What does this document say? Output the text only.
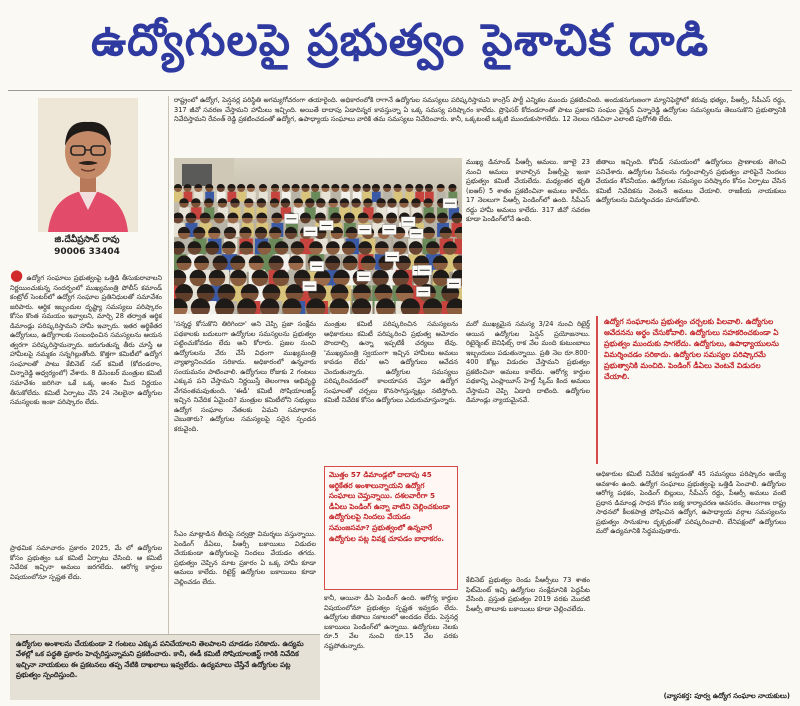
ఉద్యోగులపై ప్రభుత్వం పైశాచిక దాడి
జి.దేవీప్రసాద్ రావు
90006 33404

రాష్ట్రంలో ఉద్యోగ, పెన్షనర్ల పరిస్థితి అగమ్యగోచరంగా తయారైంది. అధికారంలోకి రాగానే ఉద్యోగుల సమస్యలు పరిష్కరిస్తామని కాంగ్రెస్ పార్టీ ఎన్నికల ముందు ప్రకటించింది. అందుకనుగుణంగా మ్యానిఫెస్టోలో కరువు భత్యం, పీఆర్సీ, సీపీఎస్ రద్దు, 317 జీవో సవరణ చేస్తామని హామీలు ఇచ్చింది. అయితే దాదాపు ఏడాదిన్నర కావస్తున్నా ఏ ఒక్క సమస్య పరిష్కారం కాలేదు. ప్రొఫెసర్ కోదండరాంతో పాటు ప్రజాకవి సంఘం చైర్మన్ చిన్నారెడ్డి ఉద్యోగుల సమస్యలను తెలుసుకొని ప్రభుత్వానికి నివేదిస్తామని రేవంత్ రెడ్డి ప్రకటించడంతో ఉద్యోగ, ఉపాధ్యాయ సంఘాలు వారికి తమ సమస్యలు నివేదించారు. కానీ, ఒక్కటంటే ఒక్కటి ముందుకుసాగలేదు. 12 నెలలు గడిచినా ఎలాంటి పురోగతి లేదు.

● ఉద్యోగ సంఘాలు ప్రభుత్వంపై ఒత్తిడి తీసుకురావాలని నిర్ణయించుకున్న సందర్భంలో ముఖ్యమంత్రి పోలీస్ కమాండ్ కంట్రోల్ సెంటర్‌లో ఉద్యోగ సంఘాల ప్రతినిధులతో సమావేశం జరిపారు. ఆర్థిక ఇబ్బందుల దృష్ట్యా సమస్యలు పరిష్కారం కోసం కొంత సమయం ఇవ్వాలని, మార్చి 28 తర్వాత ఆర్థిక డిమాండ్లు పరిష్కరిస్తామని హామీ ఇచ్చారు. ఇతర ఆర్థికేతర ఉద్యోగులు, ఉద్యోగాలకు సంబంధించిన సమస్యలను ఆయన త్వరగా పరిష్కరిస్తామన్నారు. జరుగుతున్న తీరు చూస్తే ఆ హామీలపై నమ్మకం సన్నగిల్లుతోంది. కొత్తగా కమిటీలో ఉద్యోగ సంఘాలతో పాటు కేబినెట్ సబ్ కమిటీ (కోదండరాం, చిన్నారెడ్డి ఆధ్వర్యంలో) వేశారు. 8 డిసెంబర్ మంత్రుల కమిటీ సమావేశం జరిగినా ఒకే ఒక్క అంశం మీద నిర్ణయం తీసుకోలేదు. కమిటీ ఏర్పాటు చేసి 24 నెలలైనా ఉద్యోగుల సమస్యలకు ఇంకా పరిష్కారం లేదు.

ప్రాథమిక సమాచారం ప్రకారం 2025, మే లో ఉద్యోగుల కోసం ప్రభుత్వం ఒక కమిటీ ఏర్పాటు చేసింది. ఆ కమిటీ నివేదిక ఇచ్చినా అమలు జరగలేదు. ఆరోగ్య కార్డుల విషయంలోనూ స్పష్టత లేదు.

ఉద్యోగుల అంశాలను చేయకుండా 2 గంటలు ఎక్కువ పనిచేయాలని తెలపాలని చూడడం సరికాదు. ఉద్యమ వేళల్లో ఒక పద్ధతి ప్రకారం హెచ్చరిస్తున్నామని ప్రకటించారు. కానీ, ఈడీ కమిటీ సోషియాలజిస్ట్ గారికి నివేదిక ఇచ్చినా నాయకులు ఈ ప్రకటనలు తప్ప నేటికి దాఖలాలు ఇవ్వలేదు. ఉద్యమాలు చేస్తేనే ఉద్యోగుల పట్ల ప్రభుత్వం స్పందిస్తుంది.

'సన్నద్ధ కోసుకొని తిరిగిందా' అని చెప్పి ప్రజా సంక్షేమ పథకాలకు బదులుగా ఉద్యోగుల సమస్యలను ప్రభుత్వం పట్టించుకోవడం లేదు అని కోరారు. ప్రజల నుంచి ఉద్యోగులను వేరు చేసే విధంగా ముఖ్యమంత్రి వ్యాఖ్యానించడం సరికాదు. అధికారంలో ఉన్నవారు సంయమనం పాటించాలి. ఉద్యోగులు రోజుకు 2 గంటలు ఎక్కువ పని చేస్తామని నిర్ణయిస్తే తెలంగాణ అభివృద్ధి వేగవంతమవుతుంది. 'ఈడీ' కమిటీ సోషియాలజిస్ట్ ఇచ్చిన నివేదిక ఏమైంది? మంత్రుల కమిటీలోని సభ్యులు ఉద్యోగ సంఘాల నేతలకు ఏమని సమాధానం చెబుతారు? ఉద్యోగుల సమస్యలపై సరైన స్పందన కరువైంది.

సీఎం మాట్లాడిన తీరుపై సర్వత్రా విమర్శలు వస్తున్నాయి. పెండింగ్ డీఏలు, పీఆర్సీ బకాయిలు విడుదల చేయకుండా ఉద్యోగులపై నిందలు వేయడం తగదు. ప్రభుత్వం చెప్పిన మాట ప్రకారం ఏ ఒక్క హామీ కూడా అమలు కాలేదు. రిటైర్డ్ ఉద్యోగుల బకాయిలు కూడా చెల్లించడం లేదు.

మంత్రుల కమిటీ పరిష్కరించిన సమస్యలను అధికారులు కమిటీ పరిష్కరించి ప్రభుత్వ ఆమోదం పొందాల్సి ఉన్నా ఇప్పటికీ చర్యలు లేవు. 'ముఖ్యమంత్రి స్వయంగా ఇచ్చిన హామీలు అమలు కావడం లేదు' అని ఉద్యోగులు ఆవేదన చెందుతున్నారు. ఉద్యోగుల సమస్యలు పరిష్కరించడంలో కాలయాపన చేస్తూ ఉద్యోగ సంఘాలతో చర్చలు కొనసాగిస్తున్నట్లు నటిస్తోంది. కమిటీ నివేదిక కోసం ఉద్యోగులు ఎదురుచూస్తున్నారు.

మొత్తం 57 డిమాండ్లలో దాదాపు 45 ఆర్థికేతర అంశాలున్నాయని ఉద్యోగ సంఘాలు చెప్తున్నాయి. దశలవారీగా 5 డీఏలు పెండింగ్ ఉన్నా వాటిని చెల్లించకుండా ఉద్యోగులపై నిందలు వేయడం సమంజసమా? ప్రభుత్వంలో ఉన్నవారే ఉద్యోగుల పట్ల వివక్ష చూపడం బాధాకరం.

కానీ, అయినా డీఏ పెండింగ్ ఉంది. ఆరోగ్య కార్డుల విషయంలోనూ ప్రభుత్వం స్పష్టత ఇవ్వడం లేదు. ఉద్యోగుల జీతాలు సకాలంలో అందడం లేదు. పెన్షనర్ల బకాయిలు పెండింగ్‌లో ఉన్నాయి. ఉద్యోగులు నెలకు రూ.5 వేల నుంచి రూ.15 వేల వరకు నష్టపోతున్నారు.

ముఖ్య డిమాండ్ పీఆర్సీ అమలు. జూలై 23 నుంచి అమలు కావాల్సిన పీఆర్సీపై ఇంకా ప్రభుత్వం కమిటీ వేయలేదు. మధ్యంతర భృతి (ఐఆర్) 5 శాతం ప్రకటించినా అమలు కాలేదు. 17 నెలలుగా పీఆర్సీ పెండింగ్‌లో ఉంది. సీపీఎస్ రద్దు హామీ అమలు కాలేదు. 317 జీవో సవరణ కూడా పెండింగ్‌లోనే ఉంది.

మరో ముఖ్యమైన సమస్య 3/24 నుంచి రిటైర్డ్ అయిన ఉద్యోగుల పెన్షన్ ప్రయోజనాలు. రిటైర్మెంట్ బెనిఫిట్స్ రాక వేల మంది కుటుంబాలు ఇబ్బందులు పడుతున్నాయి. ప్రతి నెల రూ.800-400 కోట్లు విడుదల చేస్తామని ప్రభుత్వం ప్రకటించినా అమలు కాలేదు. ఆరోగ్య కార్డుల పథకాన్ని ఎంప్లాయీస్ హెల్త్ స్కీమ్ కింద అమలు చేస్తామని చెప్పి ఏడాది దాటింది. ఉద్యోగుల డిమాండ్లు న్యాయమైనవే.

కేబినెట్ ప్రభుత్వం రెండు పీఆర్సీలు 73 శాతం ఫిట్‌మెంట్ ఇచ్చి ఉద్యోగుల సంక్షేమానికి పెద్దపీట వేసింది. ప్రస్తుత ప్రభుత్వం 2019 వరకు మొదటి పీఆర్సీ తాలూకు బకాయిలు కూడా చెల్లించలేదు.

జీతాలు ఇచ్చింది. కోవిడ్ సమయంలో ఉద్యోగులు ప్రాణాలకు తెగించి పనిచేశారు. ఉద్యోగుల సేవలను గుర్తించాల్సిన ప్రభుత్వం వారిపైనే నిందలు వేయడం శోచనీయం. ఉద్యోగుల సమస్యల పరిష్కారం కోసం ఏర్పాటు చేసిన కమిటీ నివేదికను వెంటనే అమలు చేయాలి. రాజకీయ నాయకులు ఉద్యోగులను విమర్శించడం మానుకోవాలి.

ఉద్యోగ సంఘాలను ప్రభుత్వం చర్చలకు పిలవాలి. ఉద్యోగుల ఆవేదనను అర్థం చేసుకోవాలి. ఉద్యోగులు సహకరించకుండా ఏ ప్రభుత్వం ముందుకు సాగలేదు. ఉద్యోగులు, ఉపాధ్యాయులను విమర్శించడం సరికాదు. ఉద్యోగుల సమస్యల పరిష్కారమే ప్రభుత్వానికి మంచిది. పెండింగ్ డీఏలు వెంటనే విడుదల చేయాలి.

అధికారుల కమిటీ నివేదిక ఇవ్వడంతో 45 సమస్యలు పరిష్కారం అయ్యే అవకాశం ఉంది. ఉద్యోగ సంఘాలు ప్రభుత్వంపై ఒత్తిడి పెంచాలి. ఉద్యోగుల ఆరోగ్య పథకం, పెండింగ్ బిల్లులు, సీపీఎస్ రద్దు, పీఆర్సీ అమలు వంటి ప్రధాన డిమాండ్ల సాధన కోసం ఐక్య కార్యాచరణ అవసరం. తెలంగాణ రాష్ట్ర సాధనలో కీలకపాత్ర పోషించిన ఉద్యోగ, ఉపాధ్యాయ వర్గాల సమస్యలను ప్రభుత్వం సానుకూల దృక్పథంతో పరిష్కరించాలి. లేనిపక్షంలో ఉద్యోగులు మరో ఉద్యమానికి సిద్ధమవుతారు.

(వ్యాసకర్త: పూర్వ ఉద్యోగ సంఘాల నాయకులు)
